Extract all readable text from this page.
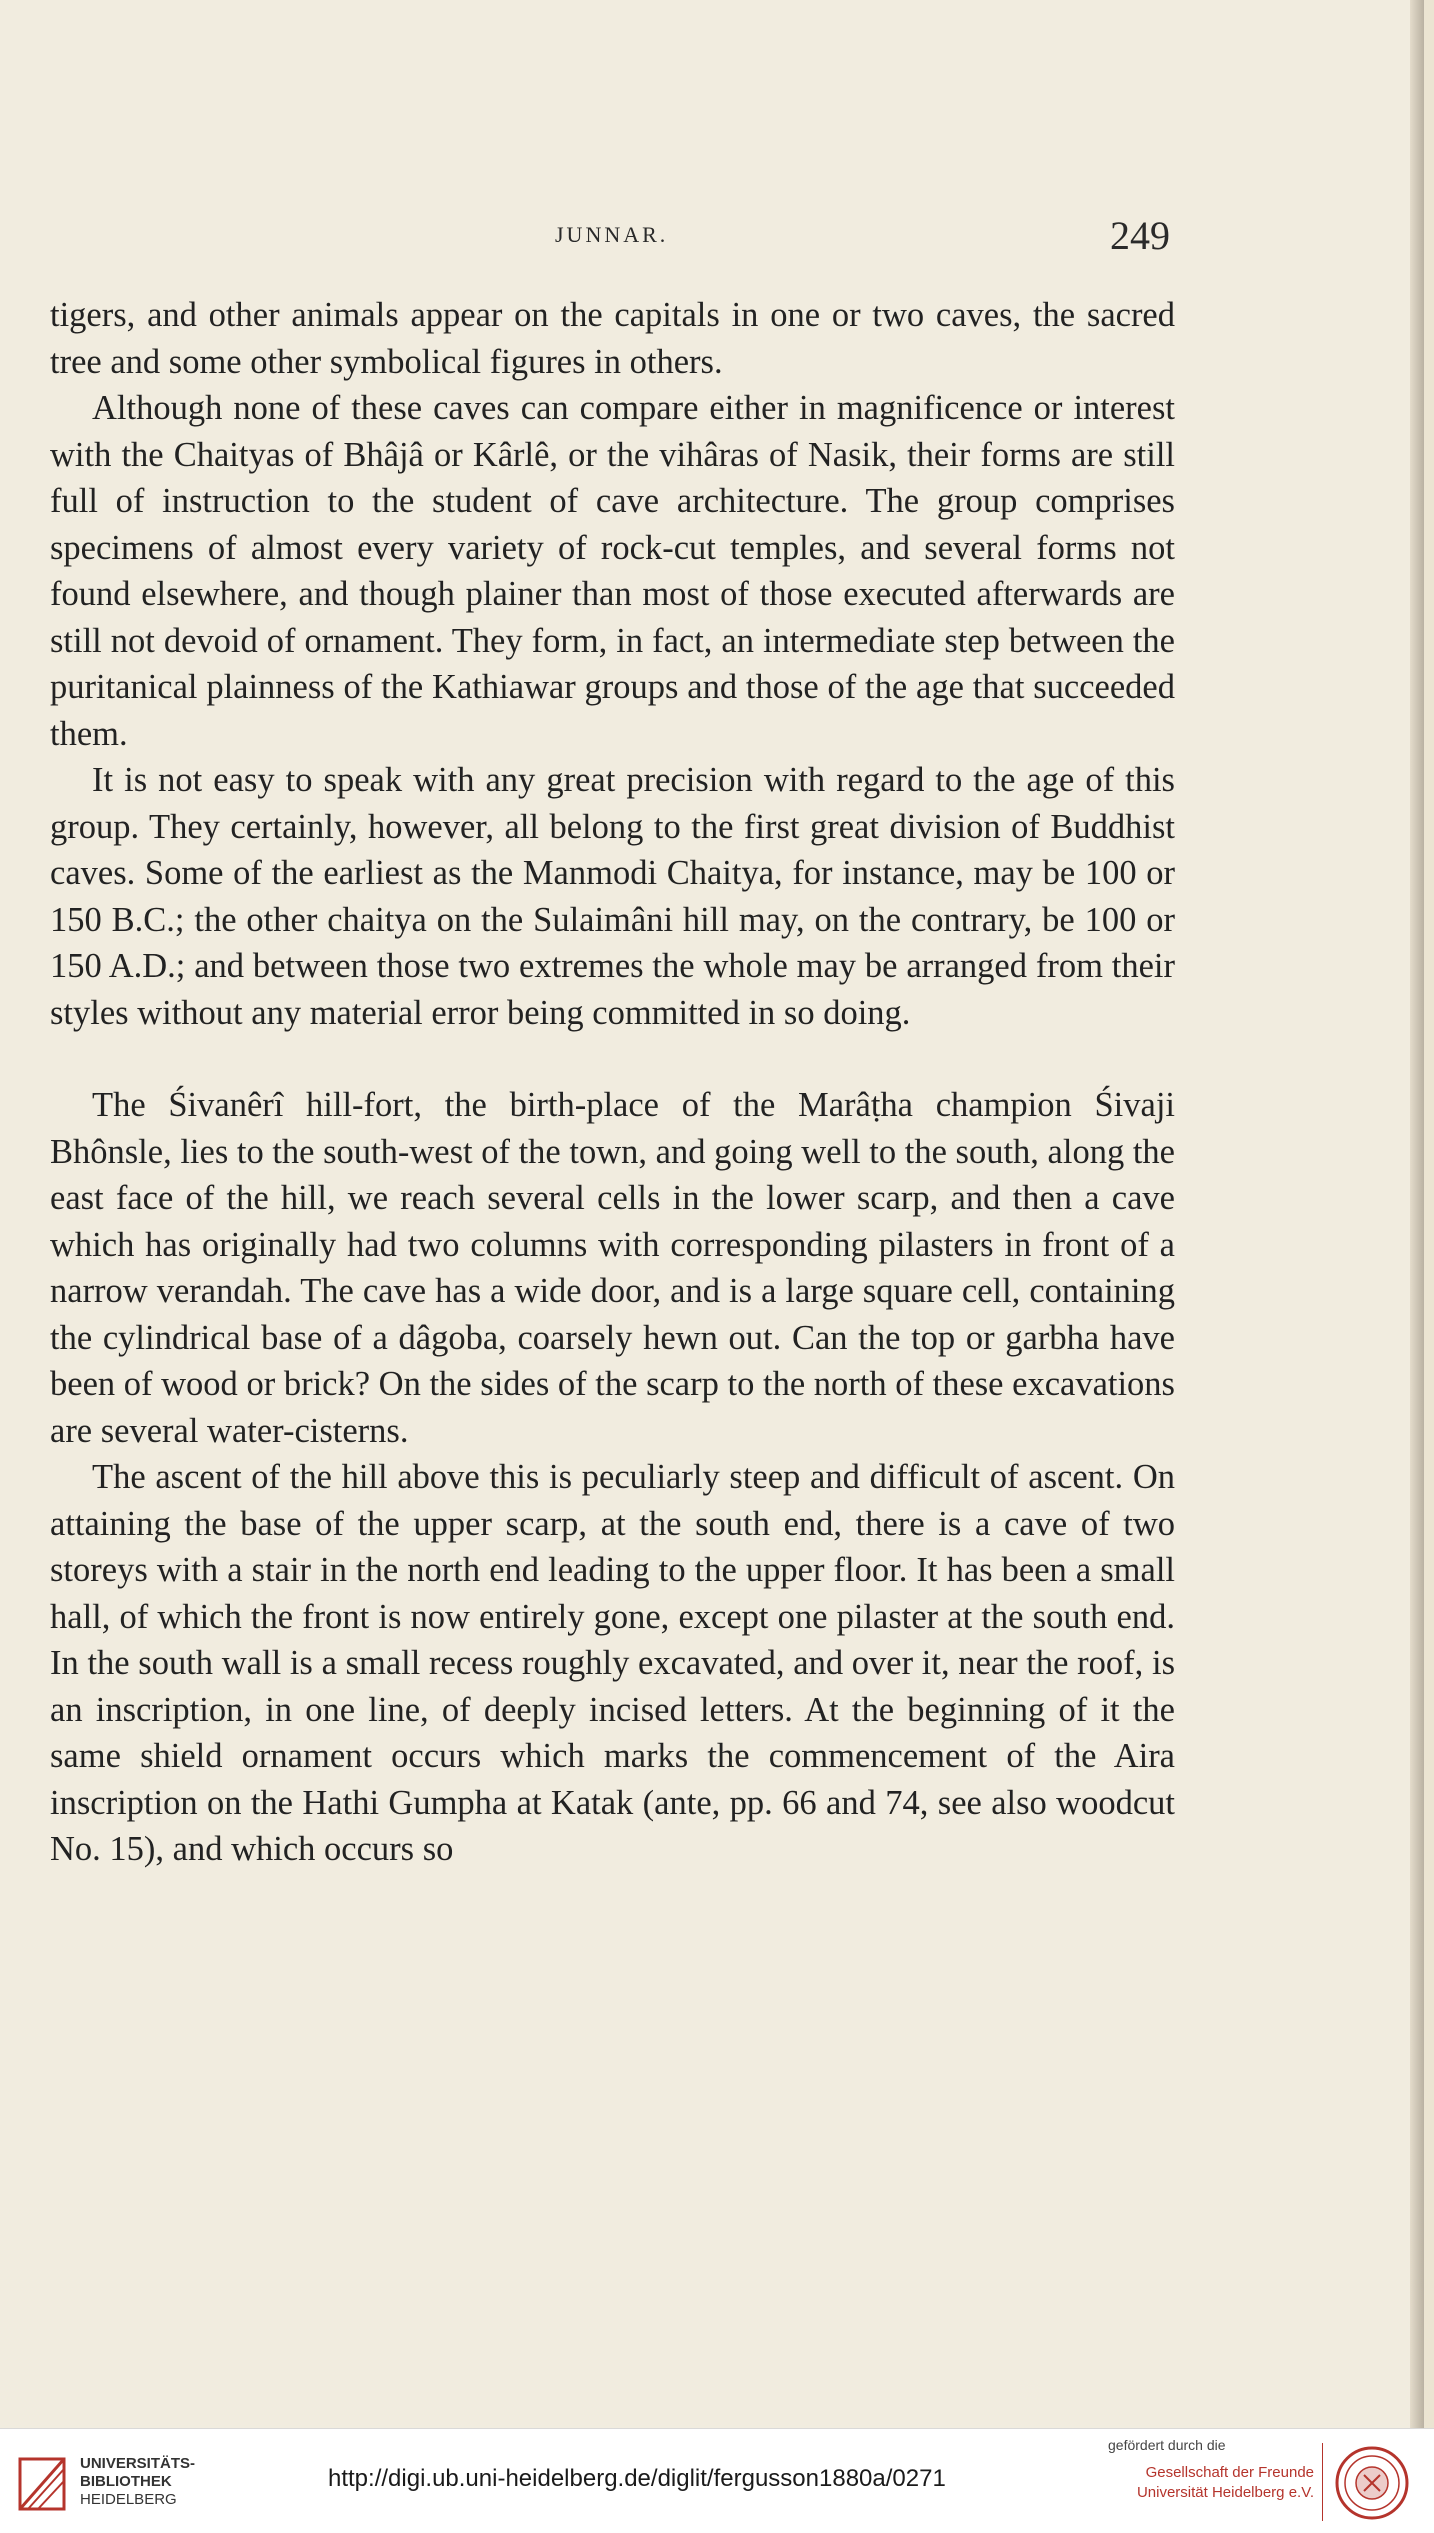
JUNNAR.	249

tigers, and other animals appear on the capitals in one or two caves, the sacred tree and some other symbolical figures in others.

Although none of these caves can compare either in magnificence or interest with the Chaityas of Bhâjâ or Kârlê, or the vihâras of Nasik, their forms are still full of instruction to the student of cave architecture. The group comprises specimens of almost every variety of rock-cut temples, and several forms not found elsewhere, and though plainer than most of those executed afterwards are still not devoid of ornament. They form, in fact, an intermediate step between the puritanical plainness of the Kathiawar groups and those of the age that succeeded them.

It is not easy to speak with any great precision with regard to the age of this group. They certainly, however, all belong to the first great division of Buddhist caves. Some of the earliest as the Manmodi Chaitya, for instance, may be 100 or 150 B.C.; the other chaitya on the Sulaimâni hill may, on the contrary, be 100 or 150 A.D.; and between those two extremes the whole may be arranged from their styles without any material error being committed in so doing.

The Śivanêrî hill-fort, the birth-place of the Marâṭha champion Śivaji Bhônsle, lies to the south-west of the town, and going well to the south, along the east face of the hill, we reach several cells in the lower scarp, and then a cave which has originally had two columns with corresponding pilasters in front of a narrow verandah. The cave has a wide door, and is a large square cell, containing the cylindrical base of a dâgoba, coarsely hewn out. Can the top or garbha have been of wood or brick? On the sides of the scarp to the north of these excavations are several water-cisterns.

The ascent of the hill above this is peculiarly steep and difficult of ascent. On attaining the base of the upper scarp, at the south end, there is a cave of two storeys with a stair in the north end leading to the upper floor. It has been a small hall, of which the front is now entirely gone, except one pilaster at the south end. In the south wall is a small recess roughly excavated, and over it, near the roof, is an inscription, in one line, of deeply incised letters. At the beginning of it the same shield ornament occurs which marks the commencement of the Aira inscription on the Hathi Gumpha at Katak (ante, pp. 66 and 74, see also woodcut No. 15), and which occurs so

UNIVERSITÄTS-
BIBLIOTHEK
HEIDELBERG
http://digi.ub.uni-heidelberg.de/diglit/fergusson1880a/0271
gefördert durch die
Gesellschaft der Freunde
Universität Heidelberg e.V.
